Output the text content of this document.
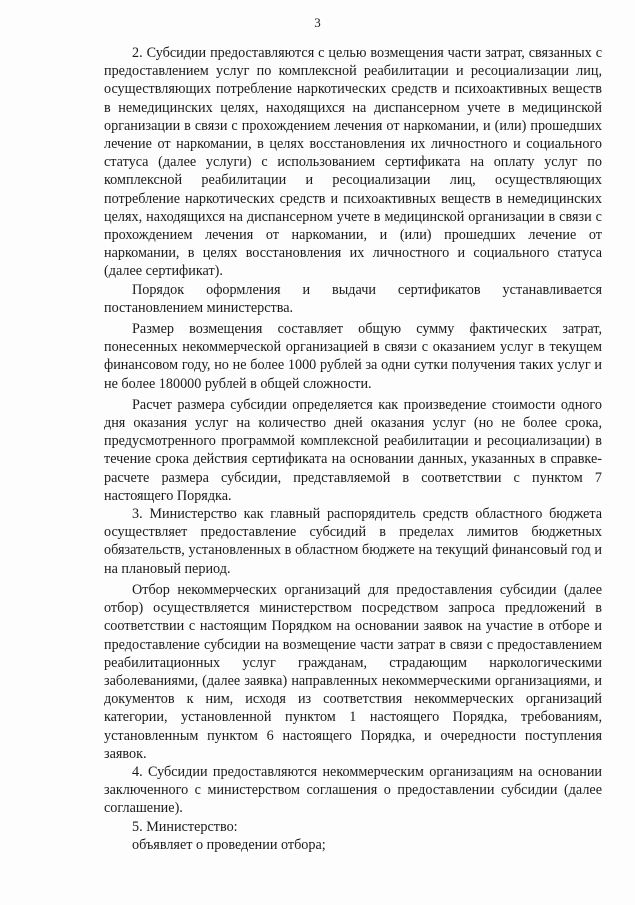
3

2. Субсидии предоставляются с целью возмещения части затрат, связанных с предоставлением услуг по комплексной реабилитации и ресоциализации лиц, осуществляющих потребление наркотических средств и психоактивных веществ в немедицинских целях, находящихся на диспансерном учете в медицинской организации в связи с прохождением лечения от наркомании, и (или) прошедших лечение от наркомании, в целях восстановления их личностного и социального статуса (далее услуги) с использованием сертификата на оплату услуг по комплексной реабилитации и ресоциализации лиц, осуществляющих потребление наркотических средств и психоактивных веществ в немедицинских целях, находящихся на диспансерном учете в медицинской организации в связи с прохождением лечения от наркомании, и (или) прошедших лечение от наркомании, в целях восстановления их личностного и социального статуса (далее сертификат).

Порядок оформления и выдачи сертификатов устанавливается постановлением министерства.

Размер возмещения составляет общую сумму фактических затрат, понесенных некоммерческой организацией в связи с оказанием услуг в текущем финансовом году, но не более 1000 рублей за одни сутки получения таких услуг и не более 180000 рублей в общей сложности.

Расчет размера субсидии определяется как произведение стоимости одного дня оказания услуг на количество дней оказания услуг (но не более срока, предусмотренного программой комплексной реабилитации и ресоциализации) в течение срока действия сертификата на основании данных, указанных в справке-расчете размера субсидии, представляемой в соответствии с пунктом 7 настоящего Порядка.

3. Министерство как главный распорядитель средств областного бюджета осуществляет предоставление субсидий в пределах лимитов бюджетных обязательств, установленных в областном бюджете на текущий финансовый год и на плановый период.

Отбор некоммерческих организаций для предоставления субсидии (далее отбор) осуществляется министерством посредством запроса предложений в соответствии с настоящим Порядком на основании заявок на участие в отборе и предоставление субсидии на возмещение части затрат в связи с предоставлением реабилитационных услуг гражданам, страдающим наркологическими заболеваниями, (далее заявка) направленных некоммерческими организациями, и документов к ним, исходя из соответствия некоммерческих организаций категории, установленной пунктом 1 настоящего Порядка, требованиям, установленным пунктом 6 настоящего Порядка, и очередности поступления заявок.

4. Субсидии предоставляются некоммерческим организациям на основании заключенного с министерством соглашения о предоставлении субсидии (далее соглашение).

5. Министерство:

объявляет о проведении отбора;
